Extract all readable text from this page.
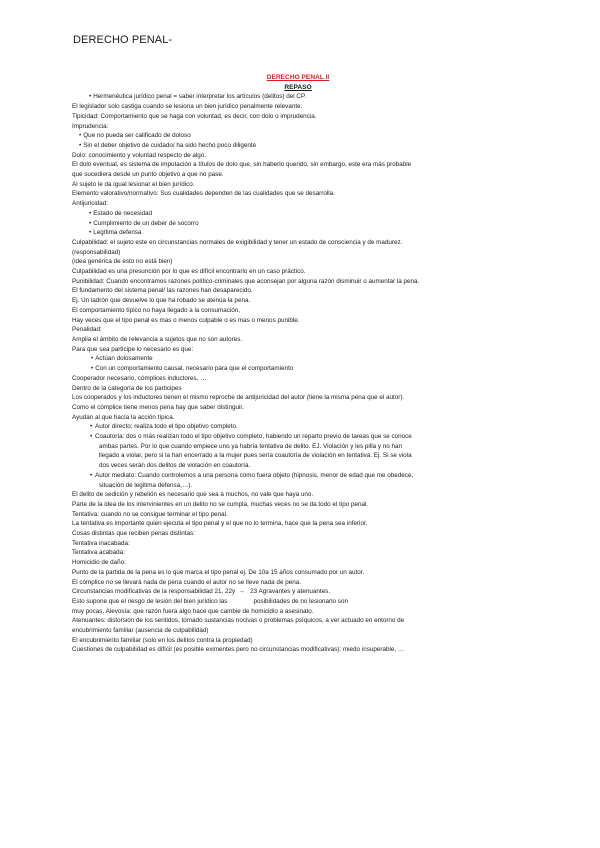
DERECHO PENAL-

DERECHO PENAL II

REPASO

• Hermenéutica jurídico penal = saber interpretar los artículos (delitos) del CP.

El legislador solo castiga cuando se lesiona un bien jurídico penalmente relevante.

Tipicidad: Comportamiento que se haga con voluntad, es decir, con dolo o imprudencia.

Imprudencia:

• Que no pueda ser calificado de doloso

• Sin el deber objetivo de cuidado/ ha sido hecho poco diligente

Dolo: conocimiento y voluntad respecto de algo.

El dolo eventual, es sistema de imputación a títulos de dolo que, sin haberlo querido, sin embargo, este era más probable

que sucediera desde un punto objetivo a que no pase.

Al sujeto le da igual lesionar el bien jurídico.

Elemento valorativo/normativo: Sus cualidades dependen de las cualidades que se desarrolla.

Antijuricidad:

• Estado de necesidad

• Cumplimiento de un deber de socorro

• Legítima defensa

Culpabilidad: el sujeto este en circunstancias normales de exigibilidad y tener un estado de consciencia y de madurez.

(responsabilidad)

(idea genérica de esto no está bien)

Culpabilidad es una presunción por lo que es difícil encontrarlo en un caso práctico.

Punibilidad: Cuando encontramos razones político-criminales que aconsejan por alguna razón disminuir o aumentar la pena.

El fundamento del sistema penal/ las razones han desaparecido.

Ej. Un ladrón que devuelve lo que ha robado se atenúa la pena.

El comportamiento típico no haya llegado a la consumación,

Hay veces que el tipo penal es mas o menos culpable o es mas o menos punible.

Penalidad:

Amplia el ámbito de relevancia a sujetos que no son autores.

Para que sea participe lo necesario es que:

• Actúan dolosamente

• Con un comportamiento causal, necesario para que el comportamiento

Cooperador necesario, cómplices inductores, …

Dentro de la categoría de los participes

Los cooperados y los inductores tienen el mismo reproche de antijuricidad del autor (tiene la misma pena que el autor).

Como el cómplice tiene menos pena hay que saber distinguir.

Ayudan al que hacía la acción típica.

• Autor directo: realiza todo el tipo objetivo completo.

• Coautoría: dos o más realizan todo el tipo objetivo completo, habiendo un reparto previo de tareas que se conoce

ambas partes. Por lo que cuando empiece uno ya habría tentativa de delito. EJ. Violación y les pilla y no han

llegado a violar, pero si la han encerrado a la mujer pues sería coautoría de violación en tentativa. Ej. Si se viola

dos veces serán dos delitos de violación en coautoría.

• Autor mediato: Cuando controlemos a una persona como fuera objeto (hipnosis, menor de edad que me obedece,

situación de legitima defensa,…).

El delito de sedición y rebelión es necesario que sea a muchos, no vale que haya uno.

Parte de la idea de los intervinientes en un delito no se cumpla, muchas veces no se da todo el tipo penal.

Tentativa: cuando no se consigue terminar el tipo penal.

La tentativa es importante quien ejecuta el tipo penal y el que no lo termina, hace que la pena sea inferior.

Cosas distintas que reciben penas distintas:

Tentativa inacabada:

Tentativa acabada:

Homicidio de daño:

Punto de la partida de la pena es lo que marca el tipo penal ej. De 10a 15 años consumado por un autor.

El cómplice no se llevará nada de pena cuando el autor no se lleve nada de pena.

Circunstancias modificativas de la responsabilidad 21, 22y → 23 Agravantes y atenuantes.

Esto supone que el riesgo de lesión del bien jurídico las	posibilidades de no lesionarlo son

muy pocas. Alevosía: que razón fuera algo hace que cambie de homicidio a asesinato.

Atenuantes: distorsión de los sentidos, tomado sustancias nocivas o problemas psíquicos, a ver actuado en entorno de

encubrimiento familiar (ausencia de culpabilidad)

El encubrimiento familiar (solo en los delitos contra la propiedad)

Cuestiones de culpabilidad es difícil (es posible eximentes pero no circunstancias modificativas): miedo insuperable, …
